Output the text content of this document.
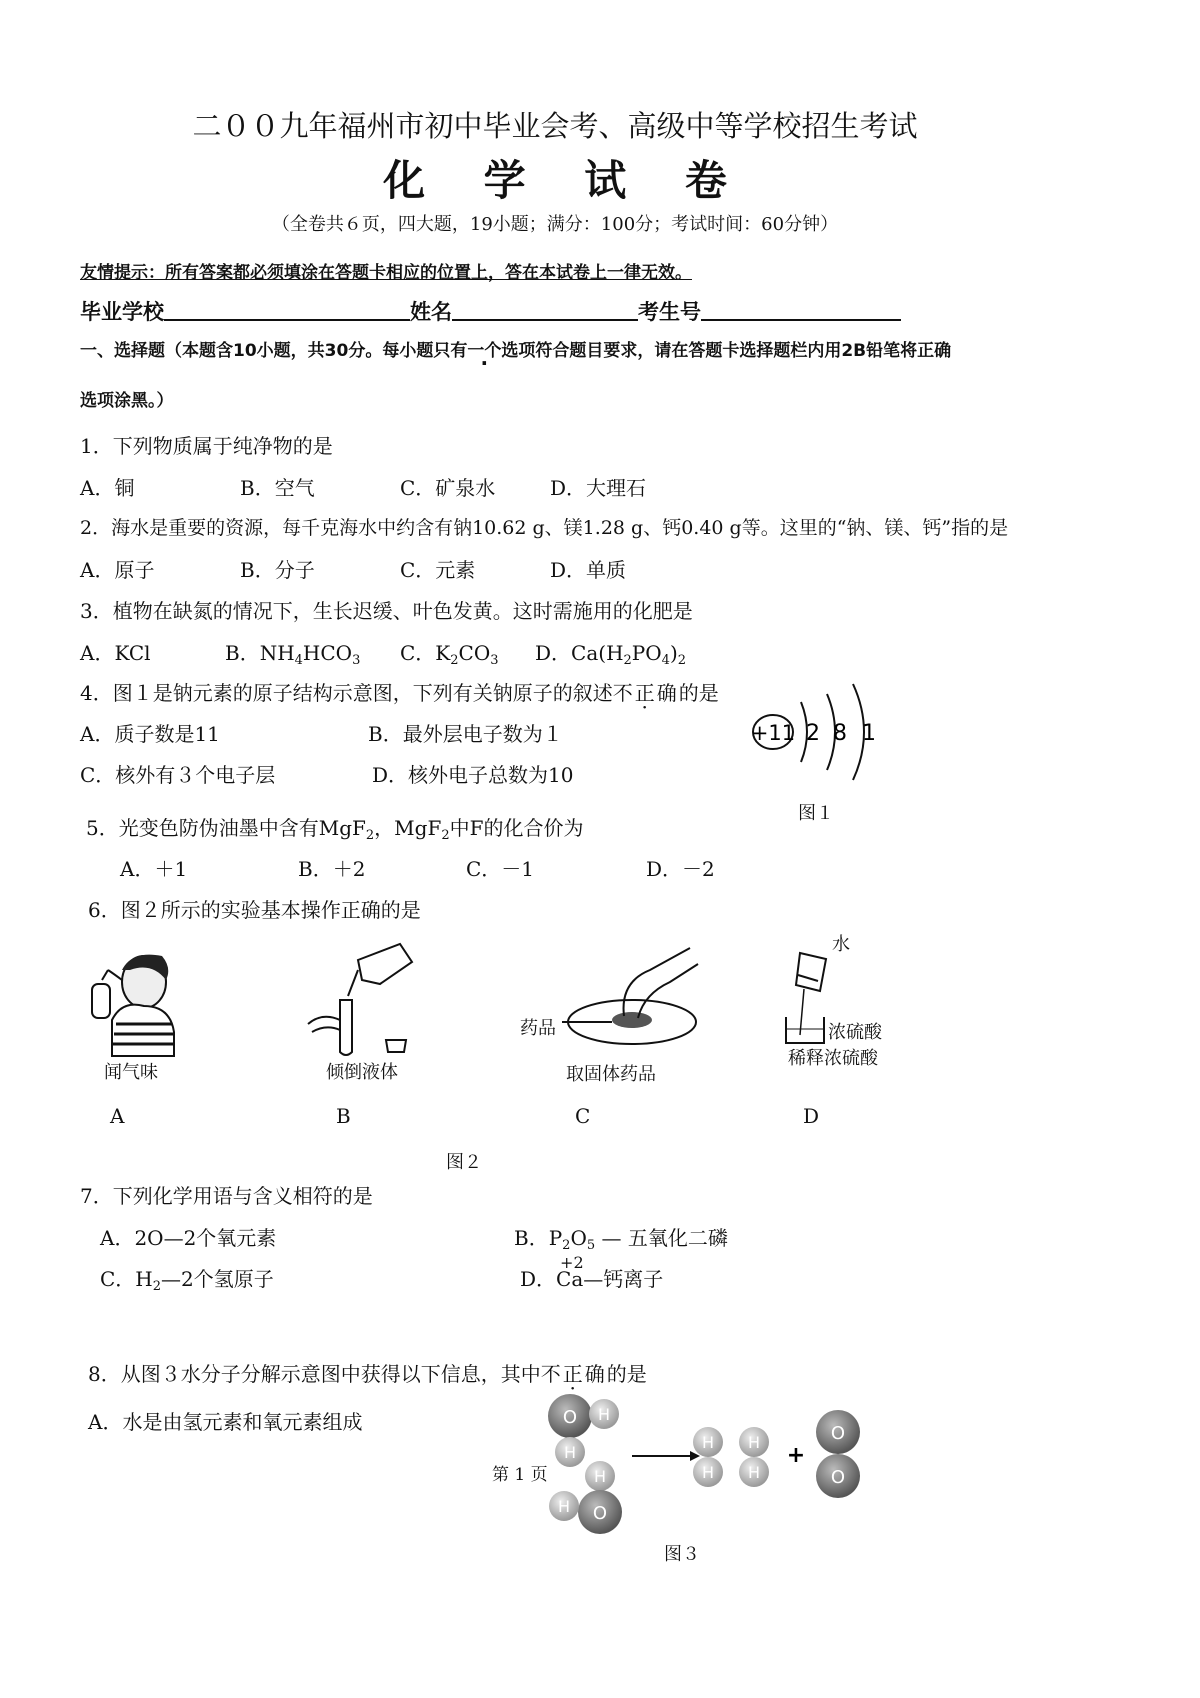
二００九年福州市初中毕业会考、高级中等学校招生考试
化 学 试 卷
（全卷共６页，四大题，19小题；满分：100分；考试时间：60分钟）
友情提示：所有答案都必须填涂在答题卡相应的位置上，答在本试卷上一律无效。
毕业学校	姓名	考生号
一、选择题（本题含10小题，共30分。每小题只有一个选项符合题目要求，请在答题卡选择题栏内用2B铅笔将正确
选项涂黑。）
1．下列物质属于纯净物的是
A．铜	B．空气	C．矿泉水	D．大理石
2．海水是重要的资源，每千克海水中约含有钠10.62 g、镁1.28 g、钙0.40 g等。这里的“钠、镁、钙”指的是
A．原子	B．分子	C．元素	D．单质
3．植物在缺氮的情况下，生长迟缓、叶色发黄。这时需施用的化肥是
A．KCl	B．$NH_4HCO_3$ C．$K_2CO_3$ D．$Ca(H_2PO_4)_2$
4．图１是钠元素的原子结构示意图，下列有关钠原子的叙述不正确的是
A．质子数是11	B．最外层电子数为１
C．核外有３个电子层	D．核外电子总数为10
+11 2 8 1
图１
5．光变色防伪油墨中含有MgF$_2$，MgF$_2$中F的化合价为
A．＋1	B．＋2	C．－1	D．－2
6．图２所示的实验基本操作正确的是
闻气味	倾倒液体
药品
取固体药品
水
浓硫酸
稀释浓硫酸
A	B	C	D
图２
7．下列化学用语与含义相符的是
A．2O—2个氧元素	B．$P_2O_5$ — 五氧化二磷
C．$H_2—2$个氢原子	D．
+2
Ca—钙离子
8．从图３水分子分解示意图中获得以下信息，其中不正确的是
A．水是由氢元素和氧元素组成	O H
H
H
O
H
H
H
H
H
+
O
O
第 1 页
图３
